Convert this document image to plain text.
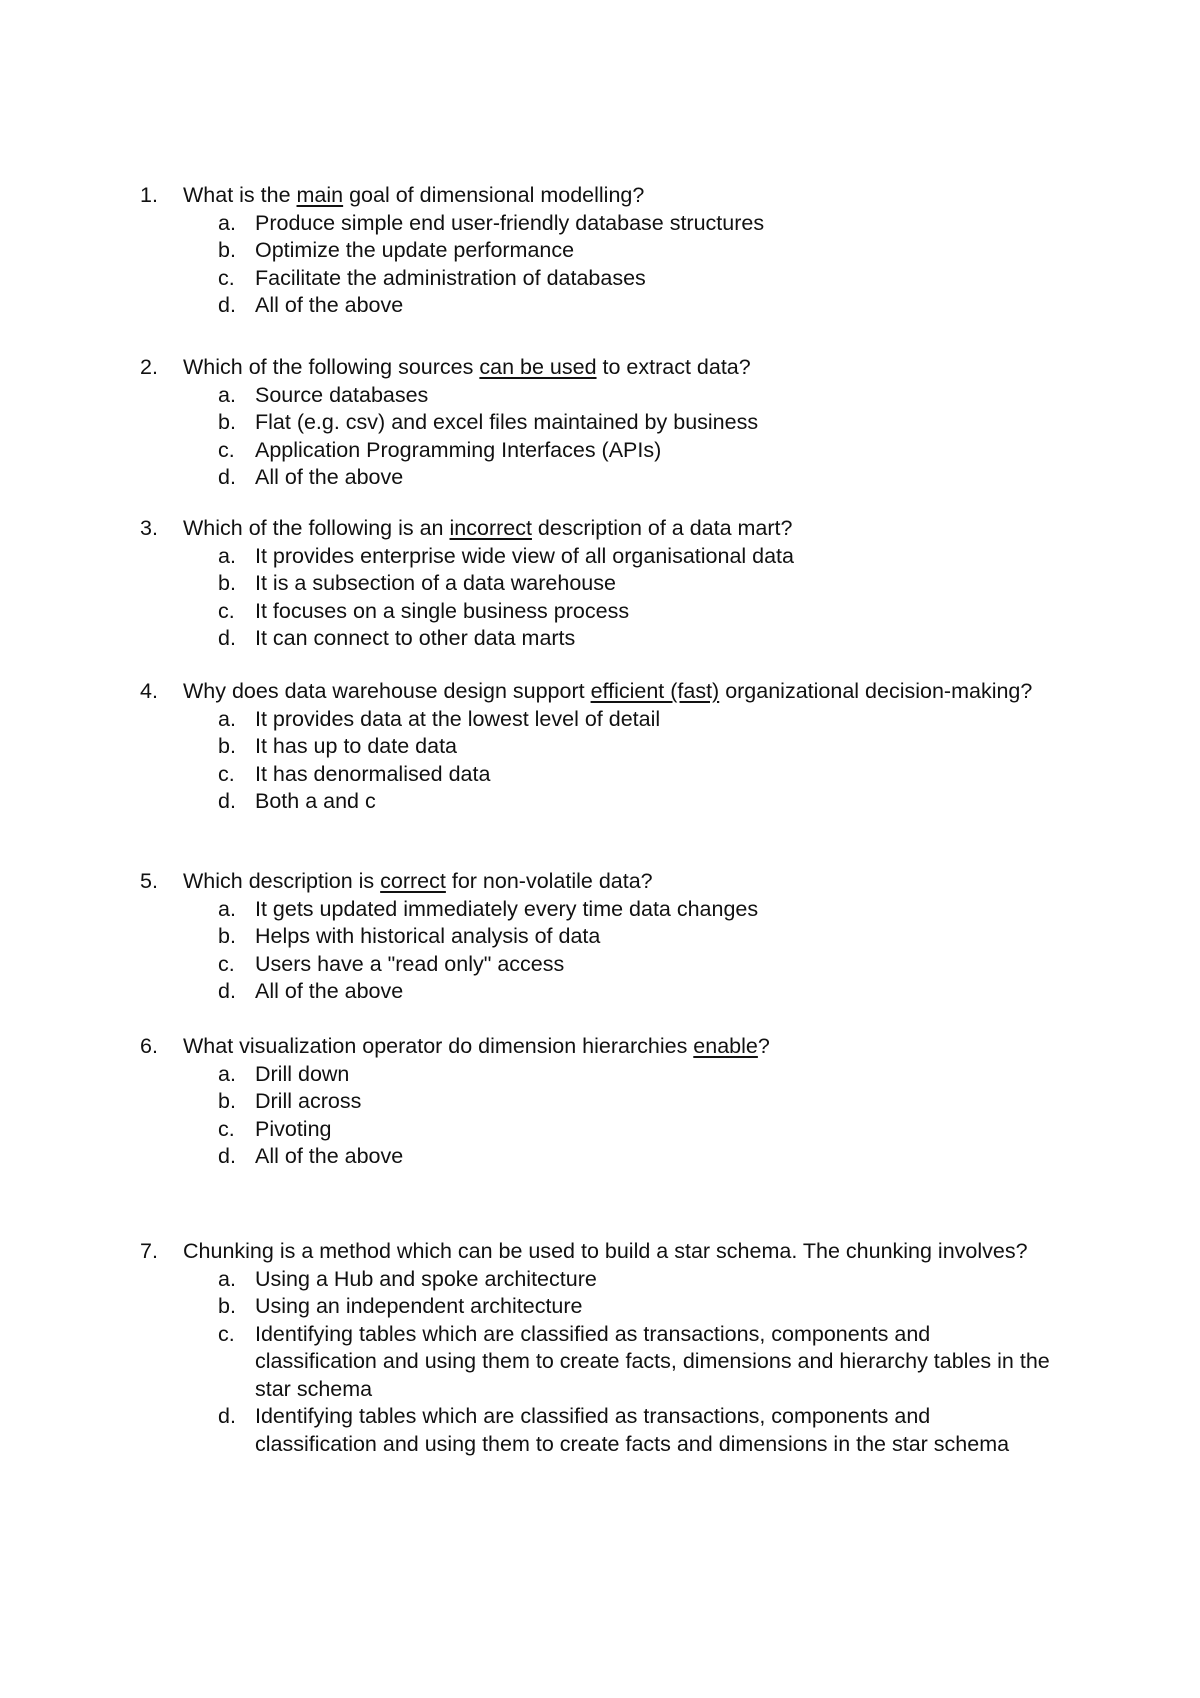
1.	What is the main goal of dimensional modelling?
a. Produce simple end user-friendly database structures
b. Optimize the update performance
c. Facilitate the administration of databases
d. All of the above
2.	Which of the following sources can be used to extract data?
a. Source databases
b. Flat (e.g. csv) and excel files maintained by business
c. Application Programming Interfaces (APIs)
d. All of the above
3.	Which of the following is an incorrect description of a data mart?
a. It provides enterprise wide view of all organisational data
b. It is a subsection of a data warehouse
c. It focuses on a single business process
d. It can connect to other data marts
4.	Why does data warehouse design support efficient (fast) organizational decision-making?
a. It provides data at the lowest level of detail
b. It has up to date data
c. It has denormalised data
d. Both a and c
5.	Which description is correct for non-volatile data?
a. It gets updated immediately every time data changes
b. Helps with historical analysis of data
c. Users have a "read only" access
d. All of the above
6.	What visualization operator do dimension hierarchies enable?
a. Drill down
b. Drill across
c. Pivoting
d. All of the above
7.	Chunking is a method which can be used to build a star schema. The chunking involves?
a. Using a Hub and spoke architecture
b. Using an independent architecture
c. Identifying tables which are classified as transactions, components and classification and using them to create facts, dimensions and hierarchy tables in the star schema
d. Identifying tables which are classified as transactions, components and classification and using them to create facts and dimensions in the star schema
